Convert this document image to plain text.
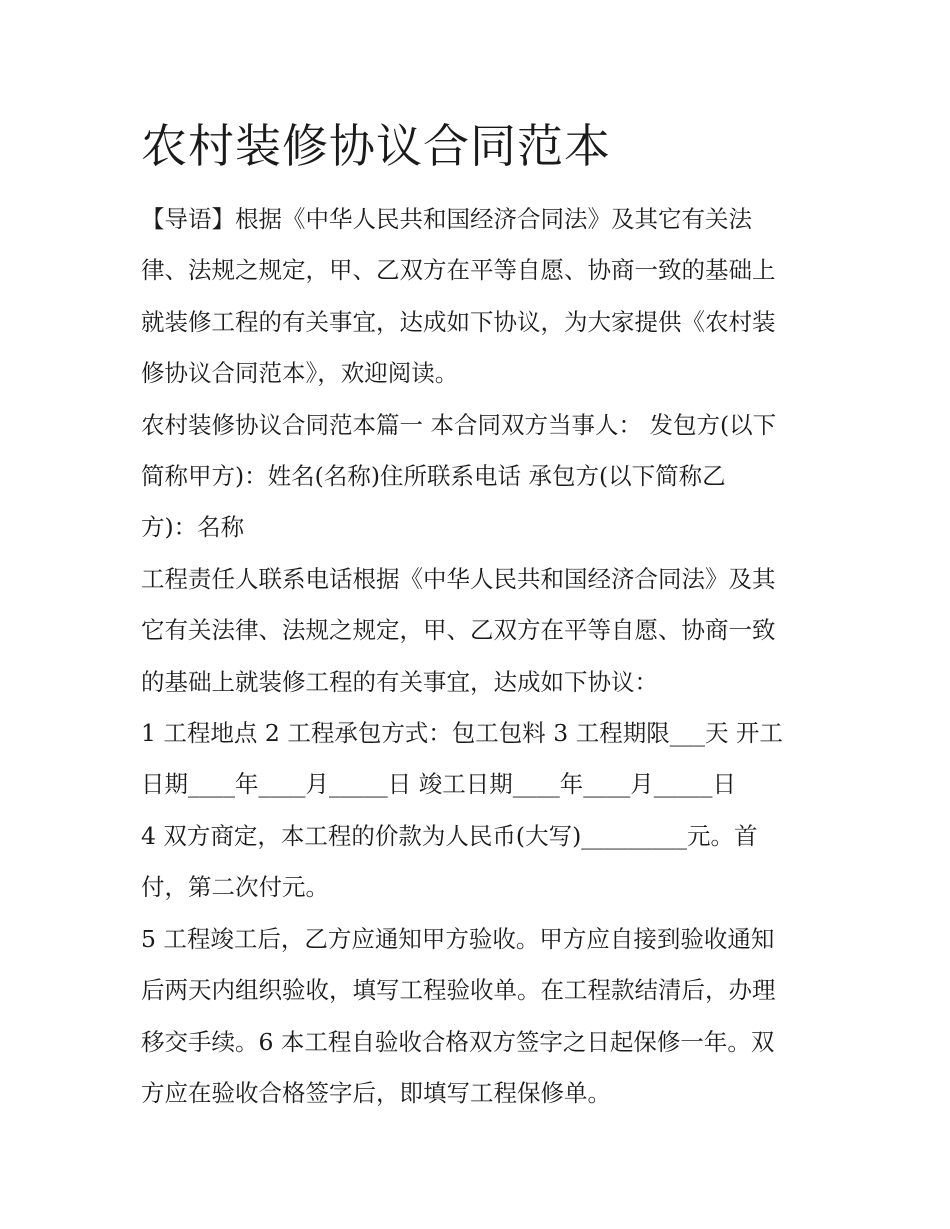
农村装修协议合同范本

【导语】根据《中华人民共和国经济合同法》及其它有关法
律、法规之规定，甲、乙双方在平等自愿、协商一致的基础上
就装修工程的有关事宜，达成如下协议，为大家提供《农村装
修协议合同范本》，欢迎阅读。

农村装修协议合同范本篇一 本合同双方当事人： 发包方(以下
简称甲方)：姓名(名称)住所联系电话 承包方(以下简称乙
方)：名称

工程责任人联系电话根据《中华人民共和国经济合同法》及其
它有关法律、法规之规定，甲、乙双方在平等自愿、协商一致
的基础上就装修工程的有关事宜，达成如下协议：

1 工程地点 2 工程承包方式：包工包料 3 工程期限___天 开工
日期____年____月_____日 竣工日期____年____月_____日

4 双方商定，本工程的价款为人民币(大写)_________元。首
付，第二次付元。

5 工程竣工后，乙方应通知甲方验收。甲方应自接到验收通知
后两天内组织验收，填写工程验收单。在工程款结清后，办理
移交手续。6 本工程自验收合格双方签字之日起保修一年。双
方应在验收合格签字后，即填写工程保修单。
